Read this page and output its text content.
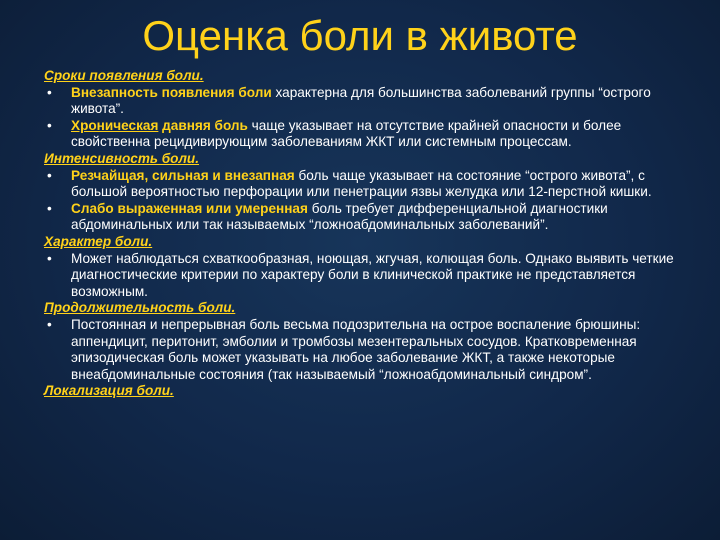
Оценка боли в животе
Сроки появления боли.

• Внезапность появления боли характерна для большинства заболеваний группы “острого живота”.

• Хроническая давняя боль чаще указывает на отсутствие крайней опасности и более свойственна рецидивирующим заболеваниям ЖКТ или системным процессам.

Интенсивность боли.

• Резчайщая, сильная и внезапная боль чаще указывает на состояние “острого живота”, с большой вероятностью перфорации или пенетрации язвы желудка или 12-перстной кишки.

• Слабо выраженная или умеренная боль требует дифференциальной диагностики абдоминальных или так называемых “ложноабдоминальных заболеваний”.

Характер боли.

• Может наблюдаться схваткообразная, ноющая, жгучая, колющая боль. Однако выявить четкие диагностические критерии по характеру боли в клинической практике не представляется возможным.

Продолжительность боли.

• Постоянная и непрерывная боль весьма подозрительна на острое воспаление брюшины: аппендицит, перитонит, эмболии и тромбозы мезентеральных сосудов. Кратковременная эпизодическая боль может указывать на любое заболевание ЖКТ, а также некоторые внеабдоминальные состояния (так называемый “ложноабдоминальный синдром”.

Локализация боли.
